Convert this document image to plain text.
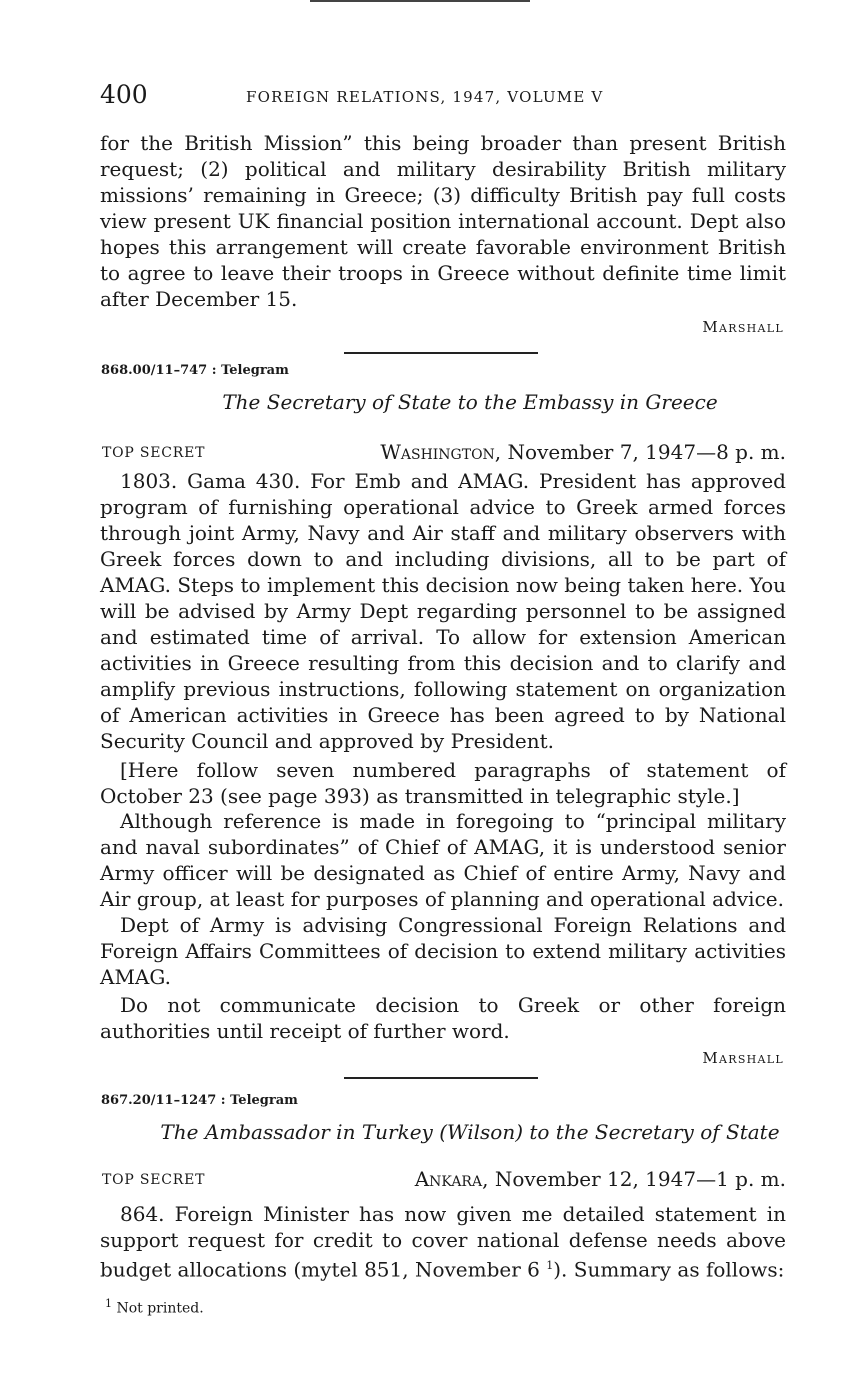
400	FOREIGN RELATIONS, 1947, VOLUME V

for the British Mission” this being broader than present British request; (2) political and military desirability British military missions’ remaining in Greece; (3) difficulty British pay full costs view present UK financial position international account. Dept also hopes this arrangement will create favorable environment British to agree to leave their troops in Greece without definite time limit after December 15.

Marshall
868.00/11–747 : Telegram
The Secretary of State to the Embassy in Greece
TOP SECRET	Washington, November 7, 1947—8 p. m.

1803. Gama 430. For Emb and AMAG. President has approved program of furnishing operational advice to Greek armed forces through joint Army, Navy and Air staff and military observers with Greek forces down to and including divisions, all to be part of AMAG. Steps to implement this decision now being taken here. You will be advised by Army Dept regarding personnel to be assigned and estimated time of arrival. To allow for extension American activities in Greece resulting from this decision and to clarify and amplify previous instructions, following statement on organization of American activities in Greece has been agreed to by National Security Council and approved by President.

[Here follow seven numbered paragraphs of statement of October 23 (see page 393) as transmitted in telegraphic style.]

Although reference is made in foregoing to “principal military and naval subordinates” of Chief of AMAG, it is understood senior Army officer will be designated as Chief of entire Army, Navy and Air group, at least for purposes of planning and operational advice.

Dept of Army is advising Congressional Foreign Relations and Foreign Affairs Committees of decision to extend military activities AMAG.

Do not communicate decision to Greek or other foreign authorities until receipt of further word.

Marshall
867.20/11–1247 : Telegram
The Ambassador in Turkey (Wilson) to the Secretary of State
TOP SECRET	Ankara, November 12, 1947—1 p. m.

864. Foreign Minister has now given me detailed statement in support request for credit to cover national defense needs above budget allocations (mytel 851, November 6 $^1$). Summary as follows:

$^1$ Not printed.
